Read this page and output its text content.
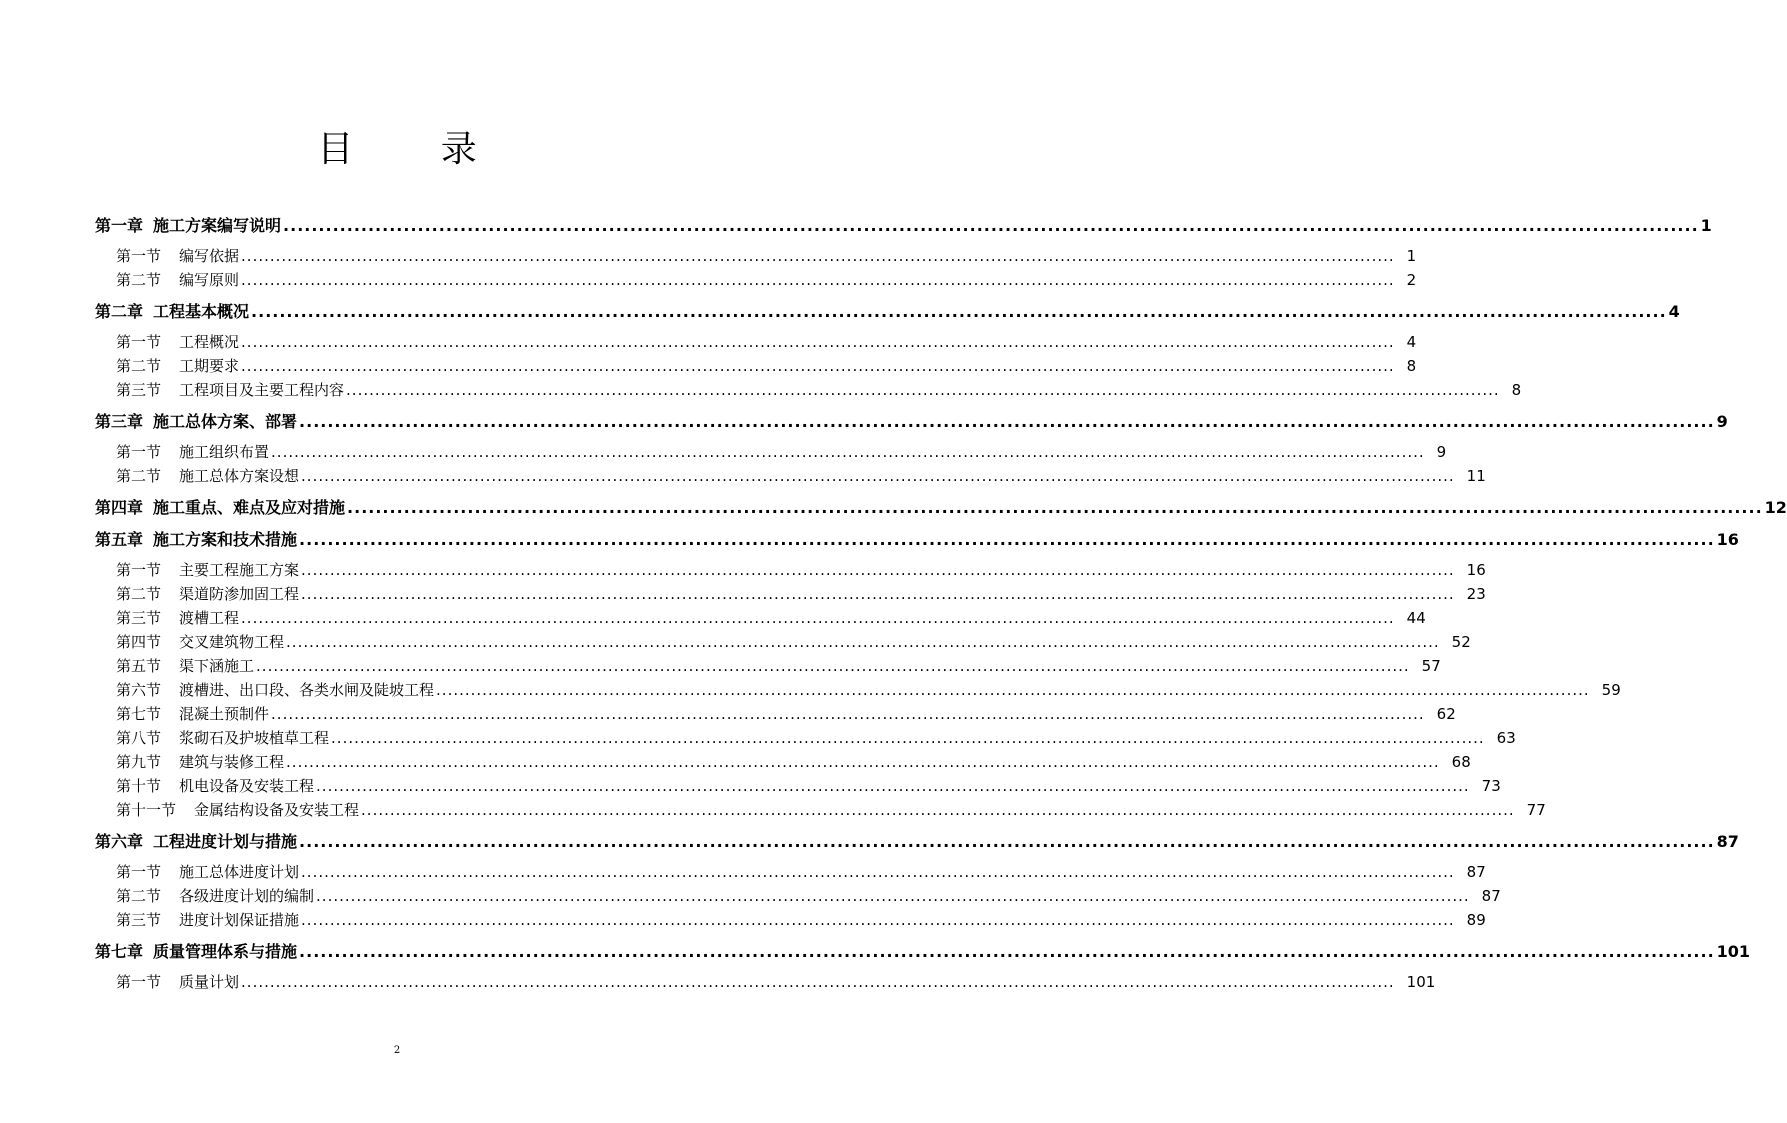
目 录
第一章 施工方案编写说明 ........................................................................................................................................................................................................ 1
第一节 编写依据 ........................................................................................................................................................................................................ 1
第二节 编写原则 ........................................................................................................................................................................................................ 2
第二章 工程基本概况 ........................................................................................................................................................................................................ 4
第一节 工程概况 ........................................................................................................................................................................................................ 4
第二节 工期要求 ........................................................................................................................................................................................................ 8
第三节 工程项目及主要工程内容 ........................................................................................................................................................................................................ 8
第三章 施工总体方案、部署 ........................................................................................................................................................................................................ 9
第一节 施工组织布置 ........................................................................................................................................................................................................ 9
第二节 施工总体方案设想 ........................................................................................................................................................................................................ 11
第四章 施工重点、难点及应对措施 ........................................................................................................................................................................................................ 12
第五章 施工方案和技术措施 ........................................................................................................................................................................................................ 16
第一节 主要工程施工方案 ........................................................................................................................................................................................................ 16
第二节 渠道防渗加固工程 ........................................................................................................................................................................................................ 23
第三节 渡槽工程 ........................................................................................................................................................................................................ 44
第四节 交叉建筑物工程 ........................................................................................................................................................................................................ 52
第五节 渠下涵施工 ........................................................................................................................................................................................................ 57
第六节 渡槽进、出口段、各类水闸及陡坡工程 ........................................................................................................................................................................................................ 59
第七节 混凝土预制件 ........................................................................................................................................................................................................ 62
第八节 浆砌石及护坡植草工程 ........................................................................................................................................................................................................ 63
第九节 建筑与装修工程 ........................................................................................................................................................................................................ 68
第十节 机电设备及安装工程 ........................................................................................................................................................................................................ 73
第十一节 金属结构设备及安装工程 ........................................................................................................................................................................................................ 77
第六章 工程进度计划与措施 ........................................................................................................................................................................................................ 87
第一节 施工总体进度计划 ........................................................................................................................................................................................................ 87
第二节 各级进度计划的编制 ........................................................................................................................................................................................................ 87
第三节 进度计划保证措施 ........................................................................................................................................................................................................ 89
第七章 质量管理体系与措施 ........................................................................................................................................................................................................ 101
第一节 质量计划 ........................................................................................................................................................................................................ 101
2
